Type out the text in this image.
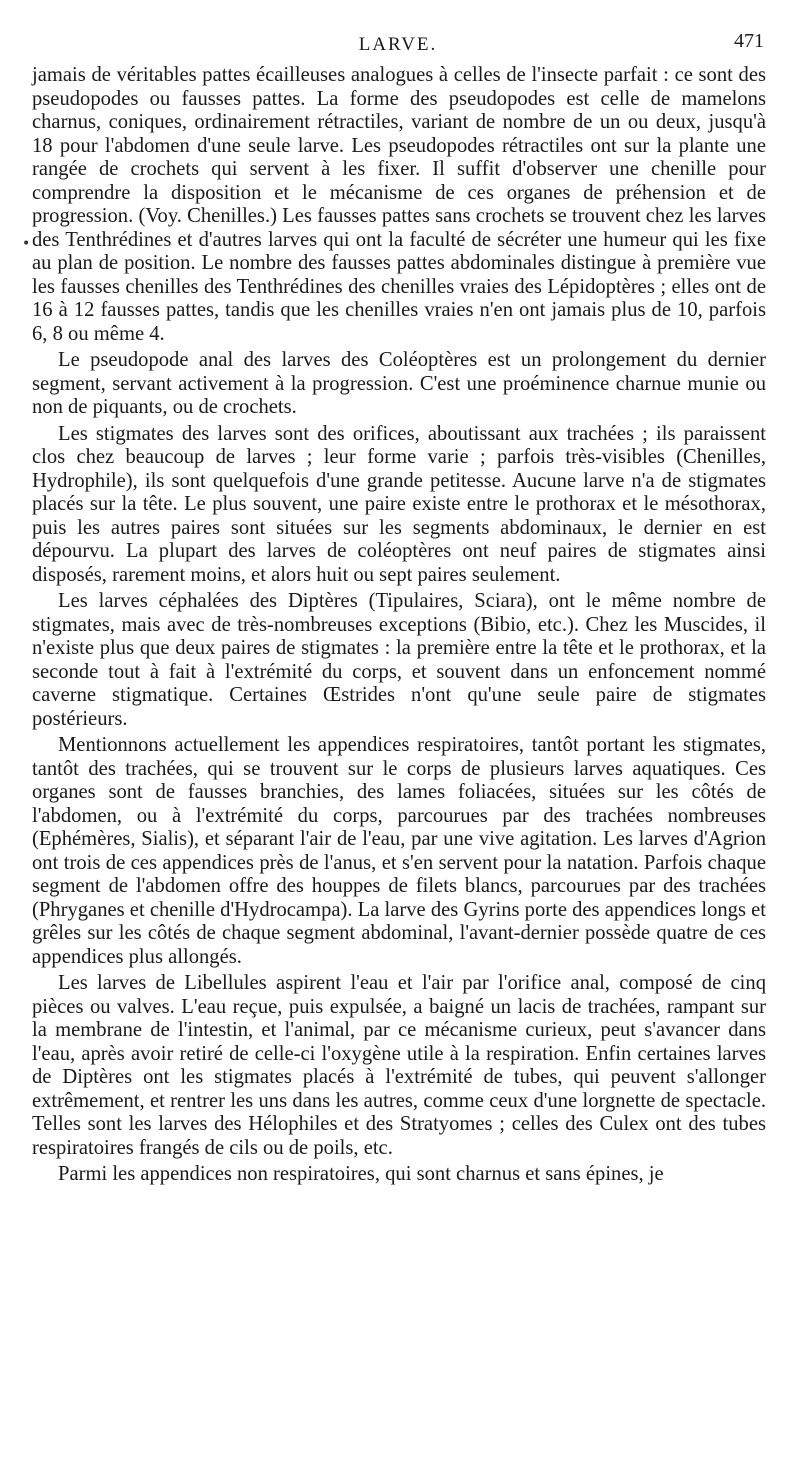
LARVE.	471

jamais de véritables pattes écailleuses analogues à celles de l'insecte parfait : ce sont des pseudopodes ou fausses pattes. La forme des pseudopodes est celle de mamelons charnus, coniques, ordinairement rétractiles, variant de nombre de un ou deux, jusqu'à 18 pour l'abdomen d'une seule larve. Les pseudopodes rétractiles ont sur la plante une rangée de crochets qui servent à les fixer. Il suffit d'observer une chenille pour comprendre la disposition et le mécanisme de ces organes de préhension et de progression. (Voy. Chenilles.) Les fausses pattes sans crochets se trouvent chez les larves des Tenthrédines et d'autres larves qui ont la faculté de sécréter une humeur qui les fixe au plan de position. Le nombre des fausses pattes abdominales distingue à première vue les fausses chenilles des Tenthrédines des chenilles vraies des Lépidoptères ; elles ont de 16 à 12 fausses pattes, tandis que les chenilles vraies n'en ont jamais plus de 10, parfois 6, 8 ou même 4.

Le pseudopode anal des larves des Coléoptères est un prolongement du dernier segment, servant activement à la progression. C'est une proéminence charnue munie ou non de piquants, ou de crochets.

Les stigmates des larves sont des orifices, aboutissant aux trachées ; ils paraissent clos chez beaucoup de larves ; leur forme varie ; parfois très-visibles (Chenilles, Hydrophile), ils sont quelquefois d'une grande petitesse. Aucune larve n'a de stigmates placés sur la tête. Le plus souvent, une paire existe entre le prothorax et le mésothorax, puis les autres paires sont situées sur les segments abdominaux, le dernier en est dépourvu. La plupart des larves de coléoptères ont neuf paires de stigmates ainsi disposés, rarement moins, et alors huit ou sept paires seulement.

Les larves céphalées des Diptères (Tipulaires, Sciara), ont le même nombre de stigmates, mais avec de très-nombreuses exceptions (Bibio, etc.). Chez les Muscides, il n'existe plus que deux paires de stigmates : la première entre la tête et le prothorax, et la seconde tout à fait à l'extrémité du corps, et souvent dans un enfoncement nommé caverne stigmatique. Certaines Œstrides n'ont qu'une seule paire de stigmates postérieurs.

Mentionnons actuellement les appendices respiratoires, tantôt portant les stigmates, tantôt des trachées, qui se trouvent sur le corps de plusieurs larves aquatiques. Ces organes sont de fausses branchies, des lames foliacées, situées sur les côtés de l'abdomen, ou à l'extrémité du corps, parcourues par des trachées nombreuses (Ephémères, Sialis), et séparant l'air de l'eau, par une vive agitation. Les larves d'Agrion ont trois de ces appendices près de l'anus, et s'en servent pour la natation. Parfois chaque segment de l'abdomen offre des houppes de filets blancs, parcourues par des trachées (Phryganes et chenille d'Hydrocampa). La larve des Gyrins porte des appendices longs et grêles sur les côtés de chaque segment abdominal, l'avant-dernier possède quatre de ces appendices plus allongés.

Les larves de Libellules aspirent l'eau et l'air par l'orifice anal, composé de cinq pièces ou valves. L'eau reçue, puis expulsée, a baigné un lacis de trachées, rampant sur la membrane de l'intestin, et l'animal, par ce mécanisme curieux, peut s'avancer dans l'eau, après avoir retiré de celle-ci l'oxygène utile à la respiration. Enfin certaines larves de Diptères ont les stigmates placés à l'extrémité de tubes, qui peuvent s'allonger extrêmement, et rentrer les uns dans les autres, comme ceux d'une lorgnette de spectacle. Telles sont les larves des Hélophiles et des Stratyomes ; celles des Culex ont des tubes respiratoires frangés de cils ou de poils, etc.

Parmi les appendices non respiratoires, qui sont charnus et sans épines, je

•
